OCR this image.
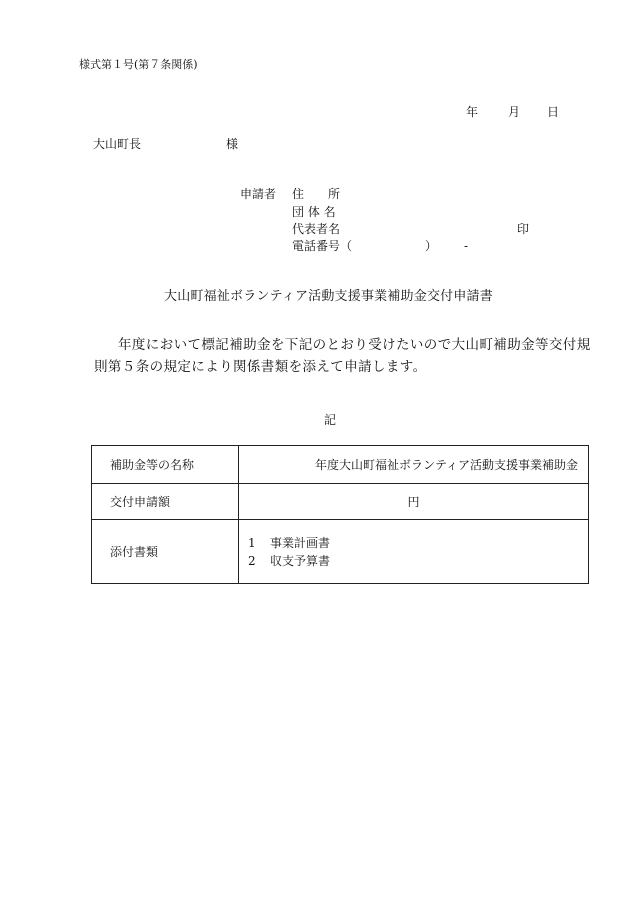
様式第１号(第７条関係)
年 月 日
大山町長	様
申請者 住　　所
団 体 名
代表者名	印
電話番号（	） -
大山町福祉ボランティア活動支援事業補助金交付申請書
年度において標記補助金を下記のとおり受けたいので大山町補助金等交付規
則第５条の規定により関係書類を添えて申請します。
記
補助金等の名称	年度大山町福祉ボランティア活動支援事業補助金
交付申請額	円
添付書類	1 事業計画書
2 収支予算書
